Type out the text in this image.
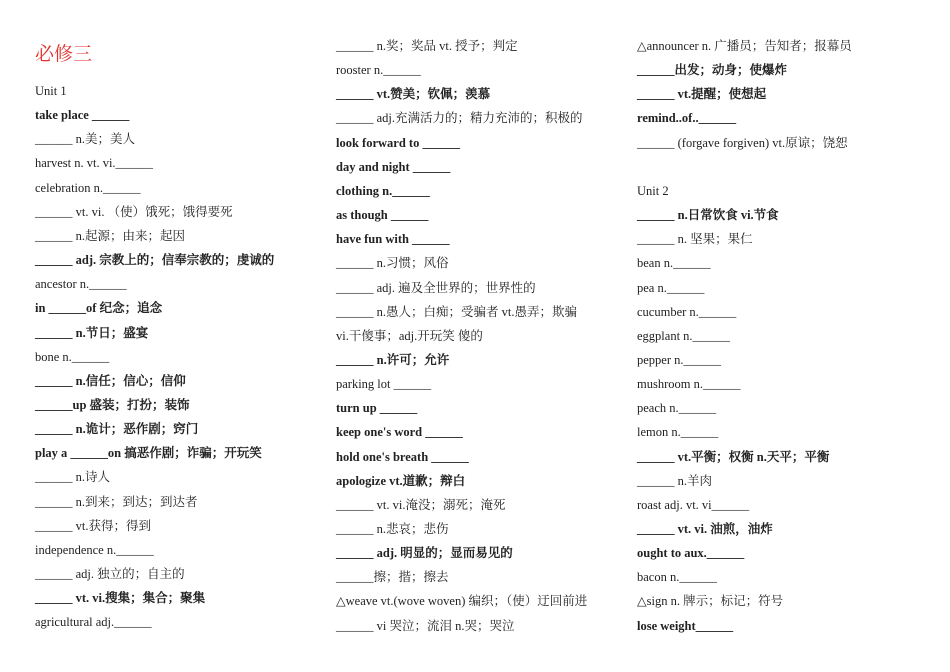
必修三
Unit 1
take place ______
______ n.美；美人
harvest n. vt. vi.______
celebration n.______
______ vt. vi. （使）饿死；饿得要死
______ n.起源；由来；起因
______ adj. 宗教上的；信奉宗教的；虔诚的
ancestor n.______
in ______of 纪念；追念
______ n.节日；盛宴
bone n.______
______ n.信任；信心；信仰
______up 盛装；打扮；装饰
______ n.诡计；恶作剧；窍门
play a ______on 搞恶作剧；诈骗；开玩笑
______ n.诗人
______ n.到来；到达；到达者
______ vt.获得；得到
independence n.______
______ adj. 独立的；自主的
______ vt. vi.搜集；集合；聚集
agricultural adj.______
______ n.奖；奖品 vt. 授予；判定
rooster n.______
______ vt.赞美；钦佩；羡慕
______ adj.充满活力的；精力充沛的；积极的
look forward to ______
day and night ______
clothing n.______
as though ______
have fun with ______
______ n.习惯；风俗
______ adj. 遍及全世界的；世界性的
______ n.愚人；白痴；受骗者 vt.愚弄；欺骗
vi.干傻事；adj.开玩笑 傻的
______ n.许可；允许
parking lot ______
turn up ______
keep one's word ______
hold one's breath ______
apologize vt.道歉；辩白
______ vt. vi.淹没；溺死；淹死
______ n.悲哀；悲伤
______ adj. 明显的；显而易见的
______擦；揩；擦去
△weave vt.(wove woven) 编织；（使）迂回前进
______ vi 哭泣；流泪 n.哭；哭泣
△announcer n. 广播员；告知者；报幕员
______出发；动身；使爆炸
______ vt.提醒；使想起
remind..of..______
______ (forgave forgiven) vt.原谅；饶恕
Unit 2
______ n.日常饮食 vi.节食
______ n. 坚果；果仁
bean n.______
pea n.______
cucumber n.______
eggplant n.______
pepper n.______
mushroom n.______
peach n.______
lemon n.______
______ vt.平衡；权衡 n.天平；平衡
______ n.羊肉
roast adj. vt. vi______
______ vt. vi. 油煎，油炸
ought to aux.______
bacon n.______
△sign n. 牌示；标记；符号
lose weight______
